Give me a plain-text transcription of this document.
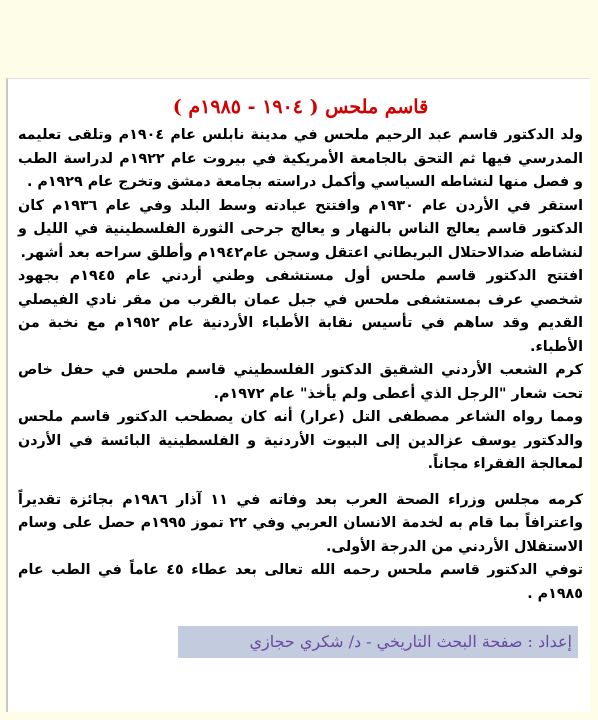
قاسم ملحس ( ١٩٠٤ - ١٩٨٥م )

ولد الدكتور قاسم عبد الرحيم ملحس في مدينة نابلس عام ١٩٠٤م وتلقى تعليمه المدرسي فيها ثم التحق بالجامعة الأمريكية في بيروت عام ١٩٢٢م لدراسة الطب و فصل منها لنشاطه السياسي وأكمل دراسته بجامعة دمشق وتخرج عام ١٩٢٩م .

استقر في الأردن عام ١٩٣٠م وافتتح عيادته وسط البلد وفي عام ١٩٣٦م كان الدكتور قاسم يعالج الناس بالنهار و يعالج جرحى الثورة الفلسطينية في الليل و لنشاطه ضدالاحتلال البريطاني اعتقل وسجن عام١٩٤٢م وأطلق سراحه بعد أشهر.

افتتح الدكتور قاسم ملحس أول مستشفى وطني أردني عام ١٩٤٥م بجهود شخصي عرف بمستشفى ملحس في جبل عمان بالقرب من مقر نادي الفيصلي القديم وقد ساهم في تأسيس نقابة الأطباء الأردنية عام ١٩٥٢م مع نخبة من الأطباء.

كرم الشعب الأردني الشقيق الدكتور الفلسطيني قاسم ملحس في حفل خاص تحت شعار "الرجل الذي أعطى ولم يأخذ" عام ١٩٧٢م.

ومما رواه الشاعر مصطفى التل (عرار) أنه كان يصطحب الدكتور قاسم ملحس والدكتور يوسف عزالدين إلى البيوت الأردنية و الفلسطينية البائسة في الأردن لمعالجة الفقراء مجاناً.

كرمه مجلس وزراء الصحة العرب بعد وفاته في ١١ آذار ١٩٨٦م بجائزة تقديراً واعترافاً بما قام به لخدمة الانسان العربي وفي ٢٢ تموز ١٩٩٥م حصل على وسام الاستقلال الأردني من الدرجة الأولى.

توفي الدكتور قاسم ملحس رحمه الله تعالى بعد عطاء ٤٥ عاماً في الطب عام ١٩٨٥م .

إعداد : صفحة البحث التاريخي - د/ شكري حجازي
